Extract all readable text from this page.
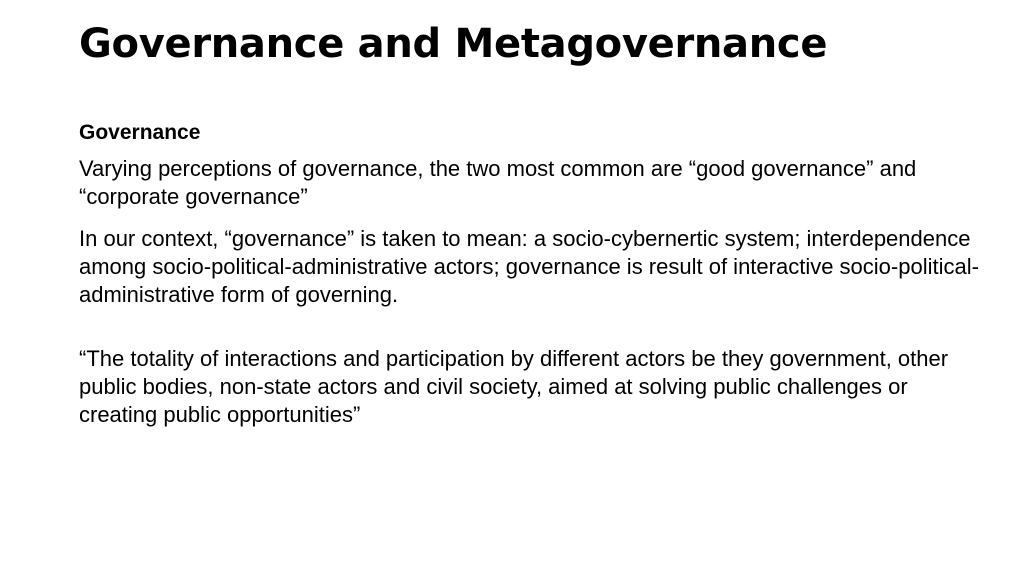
Governance and Metagovernance

Governance

Varying perceptions of governance, the two most common are “good governance” and “corporate governance”

In our context, “governance” is taken to mean: a socio-cybernertic system; interdependence among socio-political-administrative actors; governance is result of interactive socio-political-administrative form of governing.

“The totality of interactions and participation by different actors be they government, other public bodies, non-state actors and civil society, aimed at solving public challenges or creating public opportunities”
